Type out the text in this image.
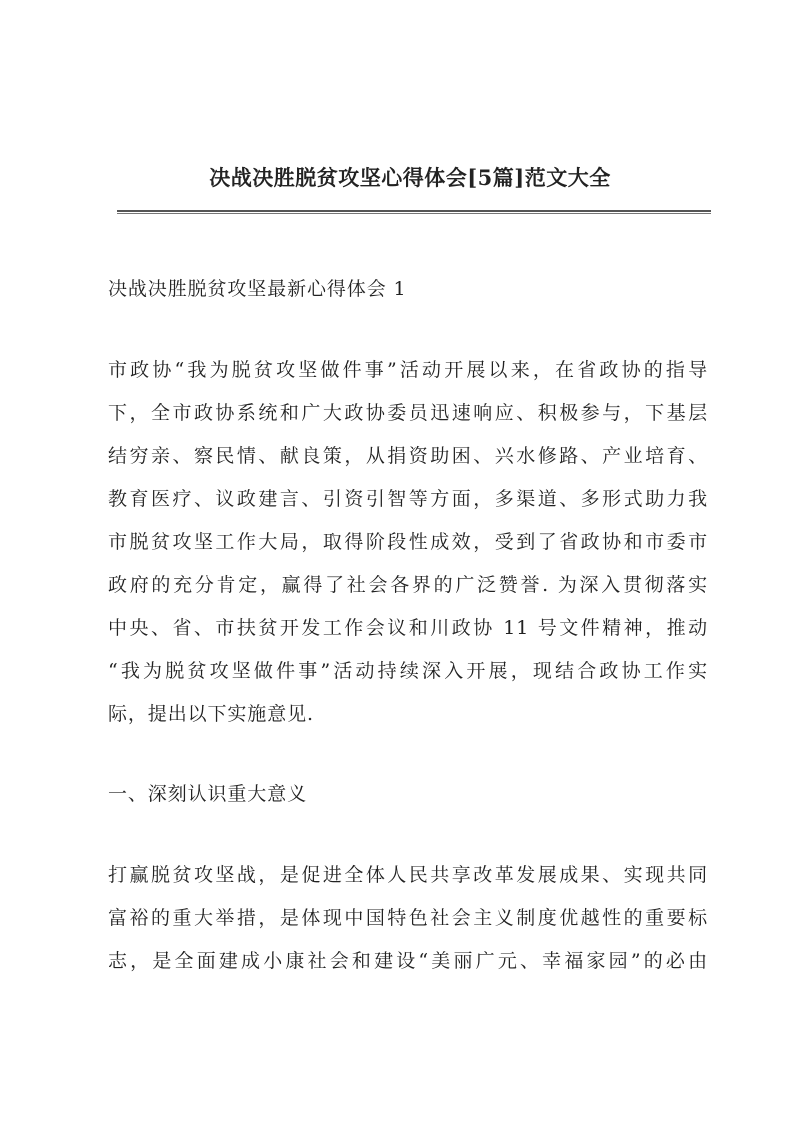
决战决胜脱贫攻坚心得体会[5篇]范文大全
决战决胜脱贫攻坚最新心得体会 1
市政协“我为脱贫攻坚做件事”活动开展以来，在省政协的指导
下，全市政协系统和广大政协委员迅速响应、积极参与，下基层
结穷亲、察民情、献良策，从捐资助困、兴水修路、产业培育、
教育医疗、议政建言、引资引智等方面，多渠道、多形式助力我
市脱贫攻坚工作大局，取得阶段性成效，受到了省政协和市委市
政府的充分肯定，赢得了社会各界的广泛赞誉. 为深入贯彻落实
中央、省、市扶贫开发工作会议和川政协 11 号文件精神，推动
“我为脱贫攻坚做件事”活动持续深入开展，现结合政协工作实
际，提出以下实施意见.
一、深刻认识重大意义
打赢脱贫攻坚战，是促进全体人民共享改革发展成果、实现共同
富裕的重大举措，是体现中国特色社会主义制度优越性的重要标
志，是全面建成小康社会和建设“美丽广元、幸福家园”的必由
